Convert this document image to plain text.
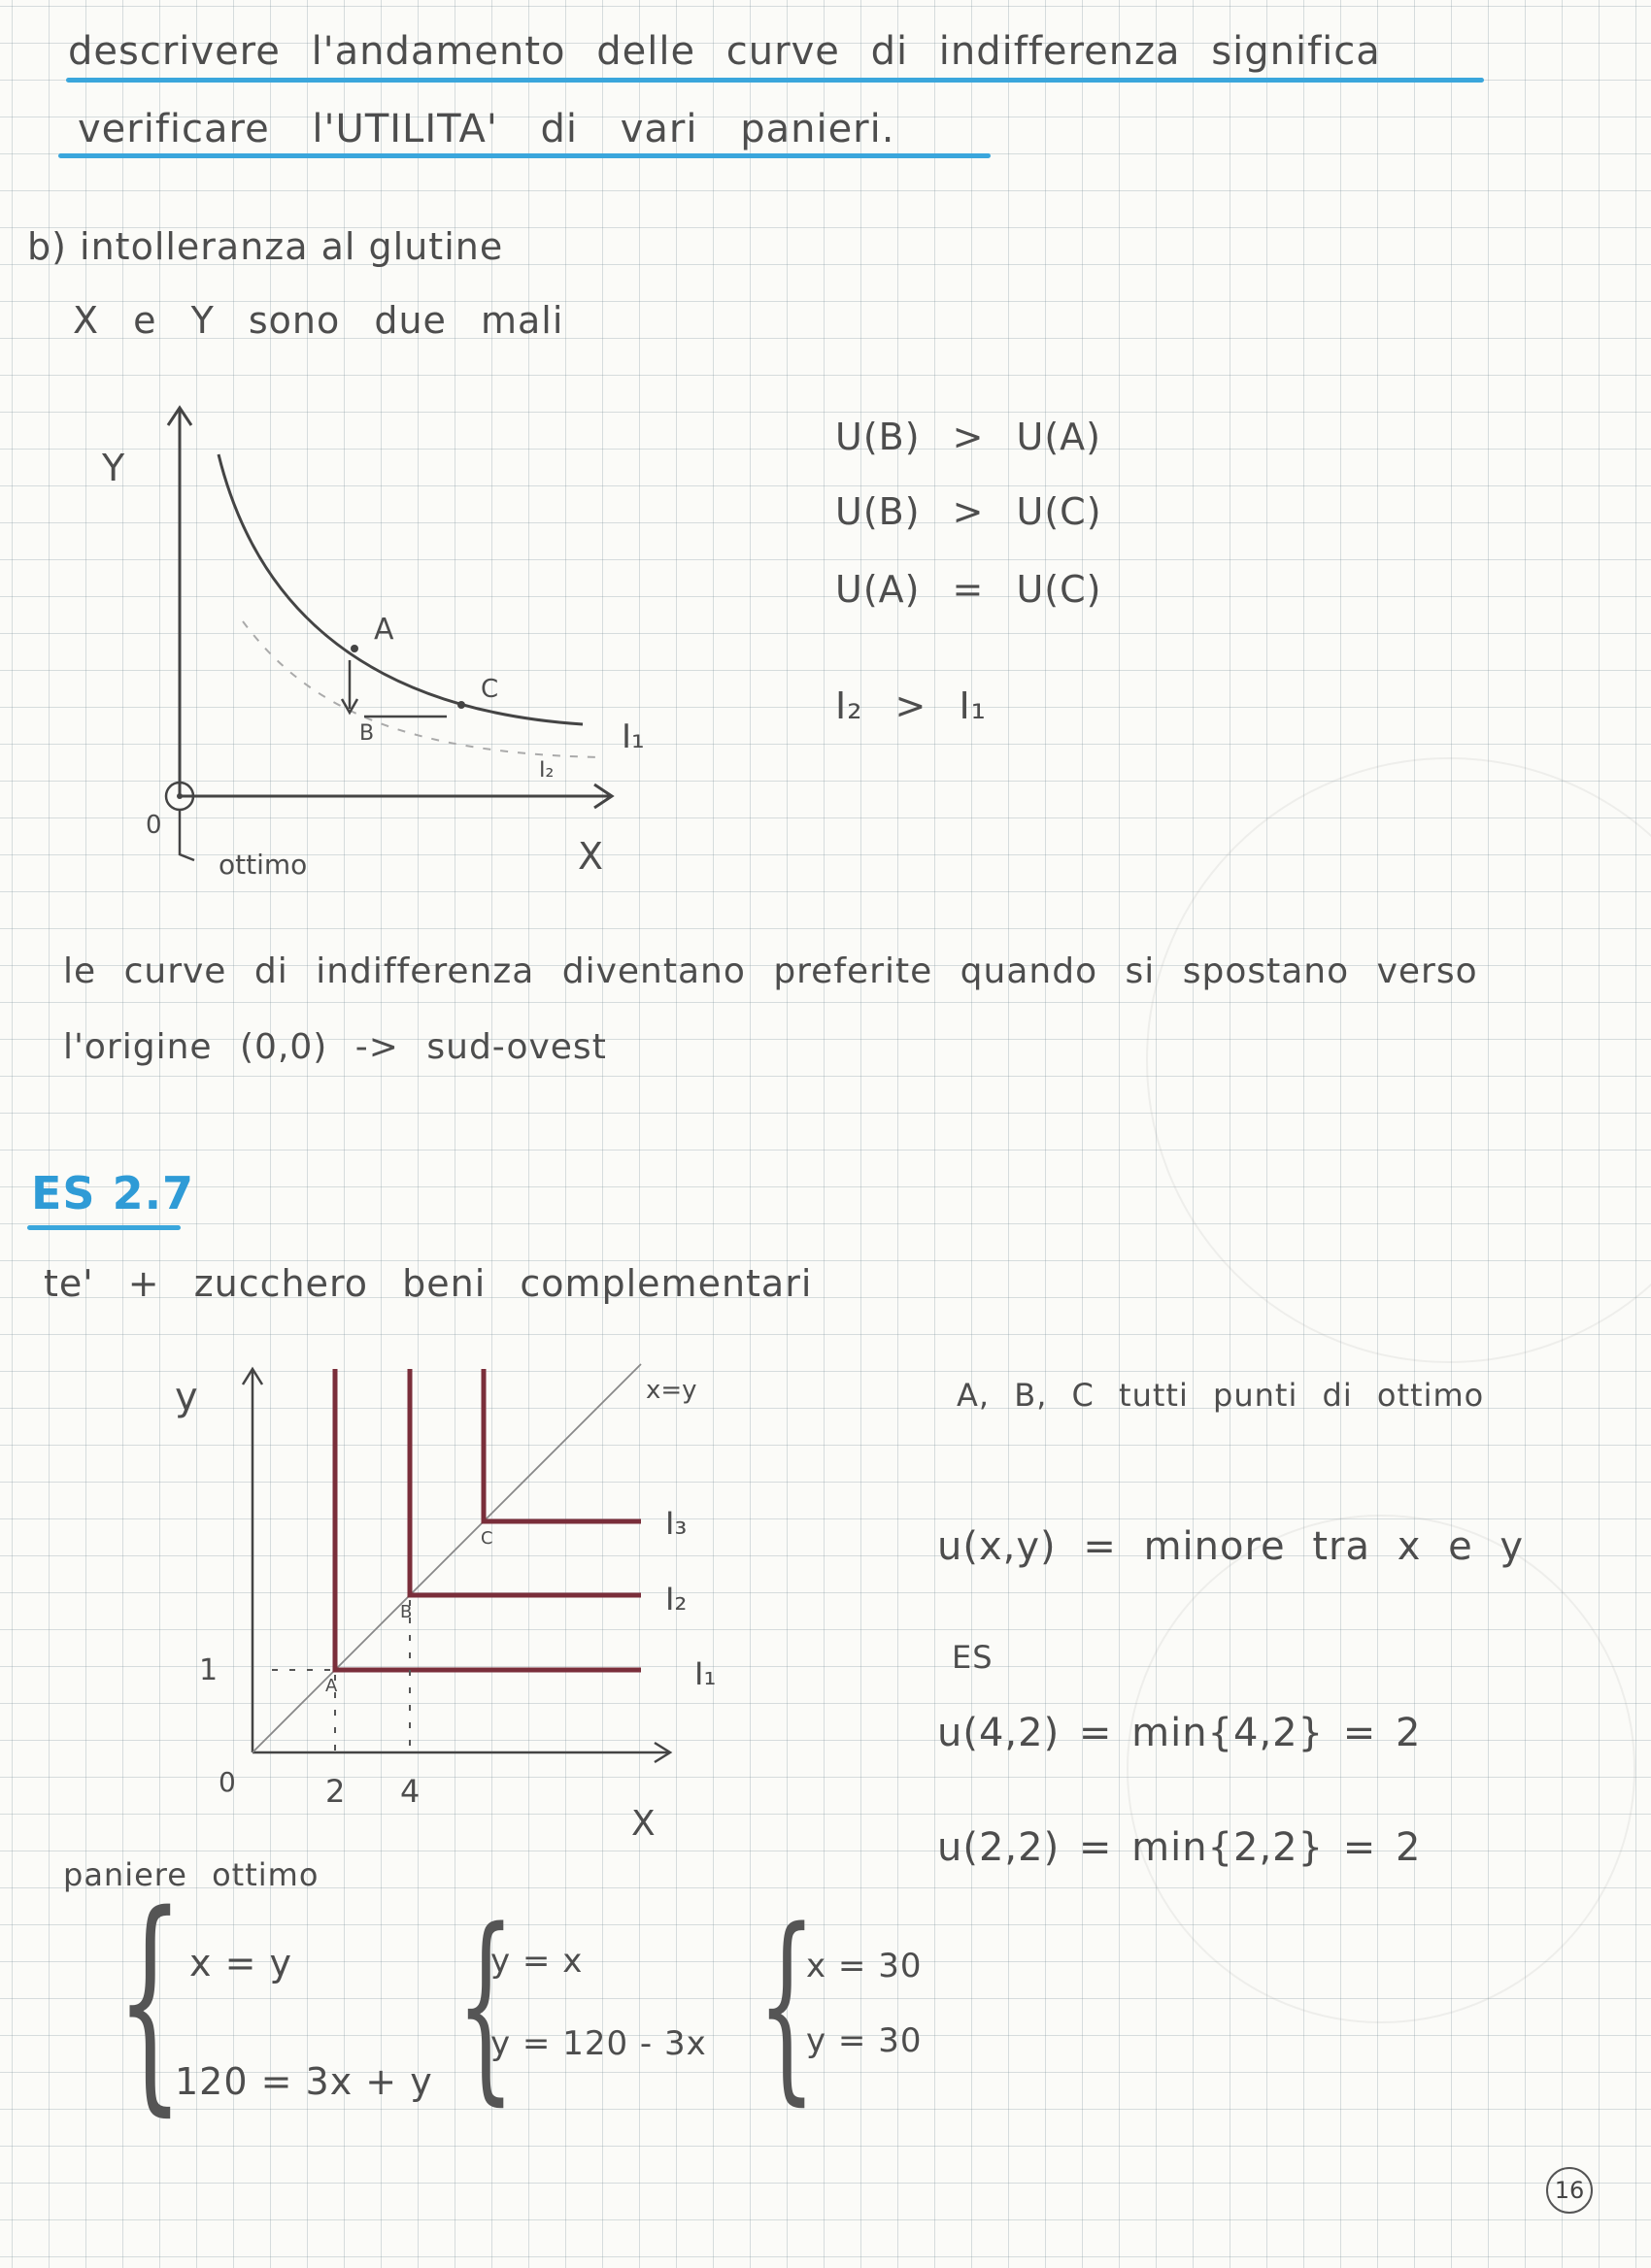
descrivere l'andamento delle curve di indifferenza significa
verificare l'UTILITA' di vari panieri.
b) intolleranza al glutine
X e Y sono due mali
Y
X
A
B
C
I₁
I₂
0
ottimo
U(B) > U(A)
U(B) > U(C)
U(A) = U(C)
I₂ > I₁
le curve di indifferenza diventano preferite quando si spostano verso
l'origine (0,0) -> sud-ovest
ES 2.7
te' + zucchero beni complementari
y
X
x=y
0	2 4
1	A
B
C
I₁
I₂
I₃
A, B, C tutti punti di ottimo
u(x,y) = minore tra x e y
ES
u(4,2) = min{4,2} = 2
u(2,2) = min{2,2} = 2
paniere ottimo
{ x = y
120 = 3x + y {
y = x
y = 120 - 3x {
x = 30
y = 30
16
